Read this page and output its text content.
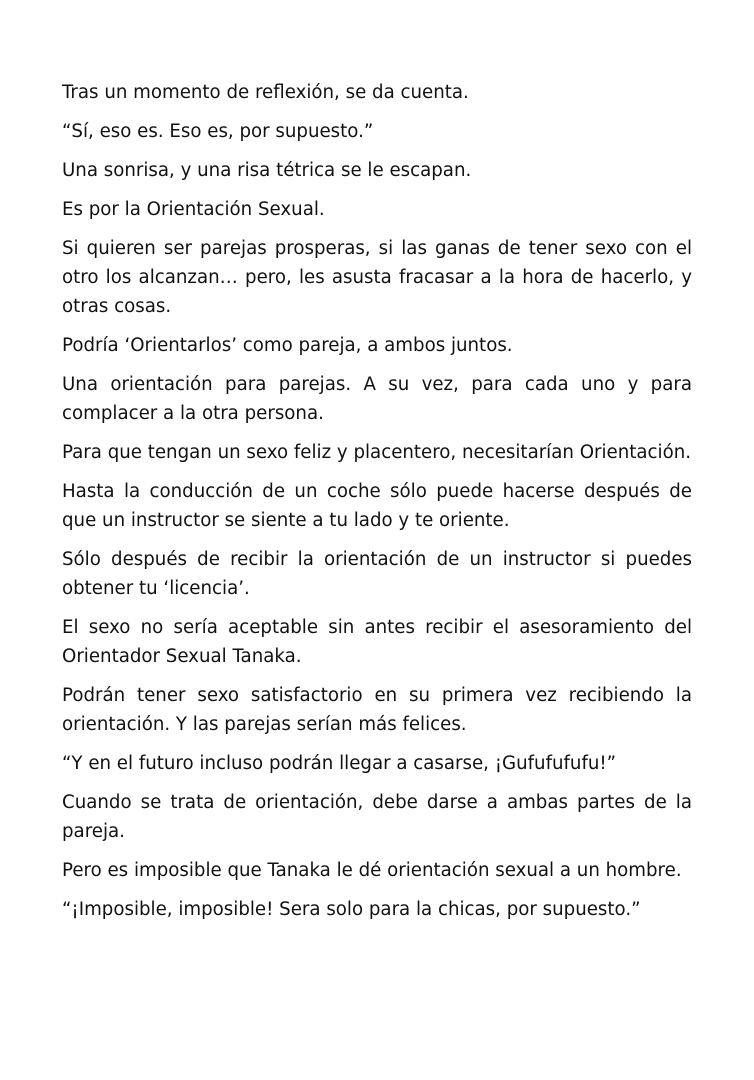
Tras un momento de reflexión, se da cuenta.

“Sí, eso es. Eso es, por supuesto.”

Una sonrisa, y una risa tétrica se le escapan.

Es por la Orientación Sexual.

Si quieren ser parejas prosperas, si las ganas de tener sexo con el otro los alcanzan… pero, les asusta fracasar a la hora de hacerlo, y otras cosas.

Podría ‘Orientarlos’ como pareja, a ambos juntos.

Una orientación para parejas. A su vez, para cada uno y para complacer a la otra persona.

Para que tengan un sexo feliz y placentero, necesitarían Orientación.

Hasta la conducción de un coche sólo puede hacerse después de que un instructor se siente a tu lado y te oriente.

Sólo después de recibir la orientación de un instructor si puedes obtener tu ‘licencia’.

El sexo no sería aceptable sin antes recibir el asesoramiento del Orientador Sexual Tanaka.

Podrán tener sexo satisfactorio en su primera vez recibiendo la orientación. Y las parejas serían más felices.

“Y en el futuro incluso podrán llegar a casarse, ¡Gufufufufu!”

Cuando se trata de orientación, debe darse a ambas partes de la pareja.

Pero es imposible que Tanaka le dé orientación sexual a un hombre.

“¡Imposible, imposible! Sera solo para la chicas, por supuesto.”
